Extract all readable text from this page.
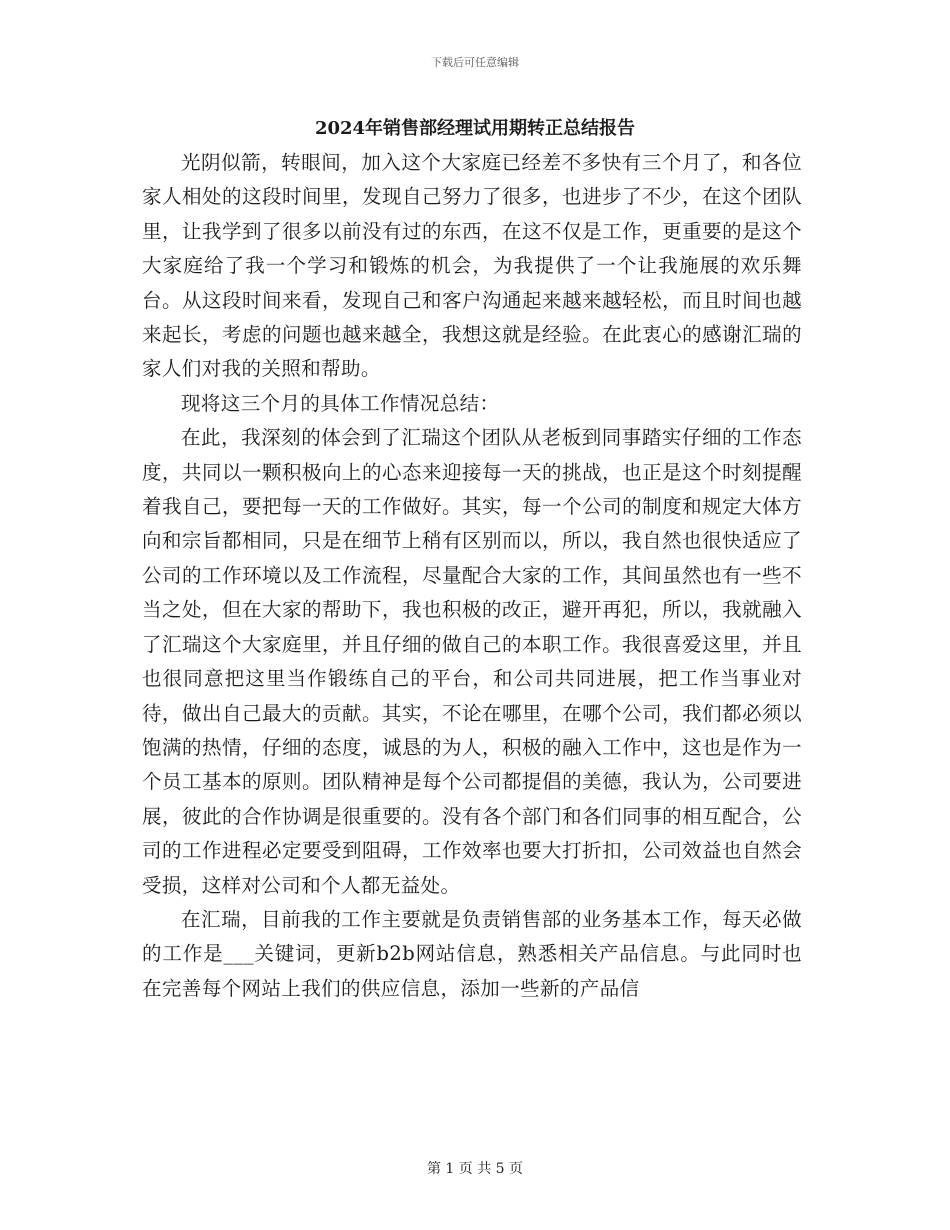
下载后可任意编辑
2024年销售部经理试用期转正总结报告

光阴似箭，转眼间，加入这个大家庭已经差不多快有三个月了，和各位家人相处的这段时间里，发现自己努力了很多，也进步了不少，在这个团队里，让我学到了很多以前没有过的东西，在这不仅是工作，更重要的是这个大家庭给了我一个学习和锻炼的机会，为我提供了一个让我施展的欢乐舞台。从这段时间来看，发现自己和客户沟通起来越来越轻松，而且时间也越来起长，考虑的问题也越来越全，我想这就是经验。在此衷心的感谢汇瑞的家人们对我的关照和帮助。

现将这三个月的具体工作情况总结：

在此，我深刻的体会到了汇瑞这个团队从老板到同事踏实仔细的工作态度，共同以一颗积极向上的心态来迎接每一天的挑战，也正是这个时刻提醒着我自己，要把每一天的工作做好。其实，每一个公司的制度和规定大体方向和宗旨都相同，只是在细节上稍有区别而以，所以，我自然也很快适应了公司的工作环境以及工作流程，尽量配合大家的工作，其间虽然也有一些不当之处，但在大家的帮助下，我也积极的改正，避开再犯，所以，我就融入了汇瑞这个大家庭里，并且仔细的做自己的本职工作。我很喜爱这里，并且也很同意把这里当作锻练自己的平台，和公司共同进展，把工作当事业对待，做出自己最大的贡献。其实，不论在哪里，在哪个公司，我们都必须以饱满的热情，仔细的态度，诚恳的为人，积极的融入工作中，这也是作为一个员工基本的原则。团队精神是每个公司都提倡的美德，我认为，公司要进展，彼此的合作协调是很重要的。没有各个部门和各们同事的相互配合，公司的工作进程必定要受到阻碍，工作效率也要大打折扣，公司效益也自然会受损，这样对公司和个人都无益处。

在汇瑞，目前我的工作主要就是负责销售部的业务基本工作，每天必做的工作是___关键词，更新b2b网站信息，熟悉相关产品信息。与此同时也在完善每个网站上我们的供应信息，添加一些新的产品信

第 1 页 共 5 页
